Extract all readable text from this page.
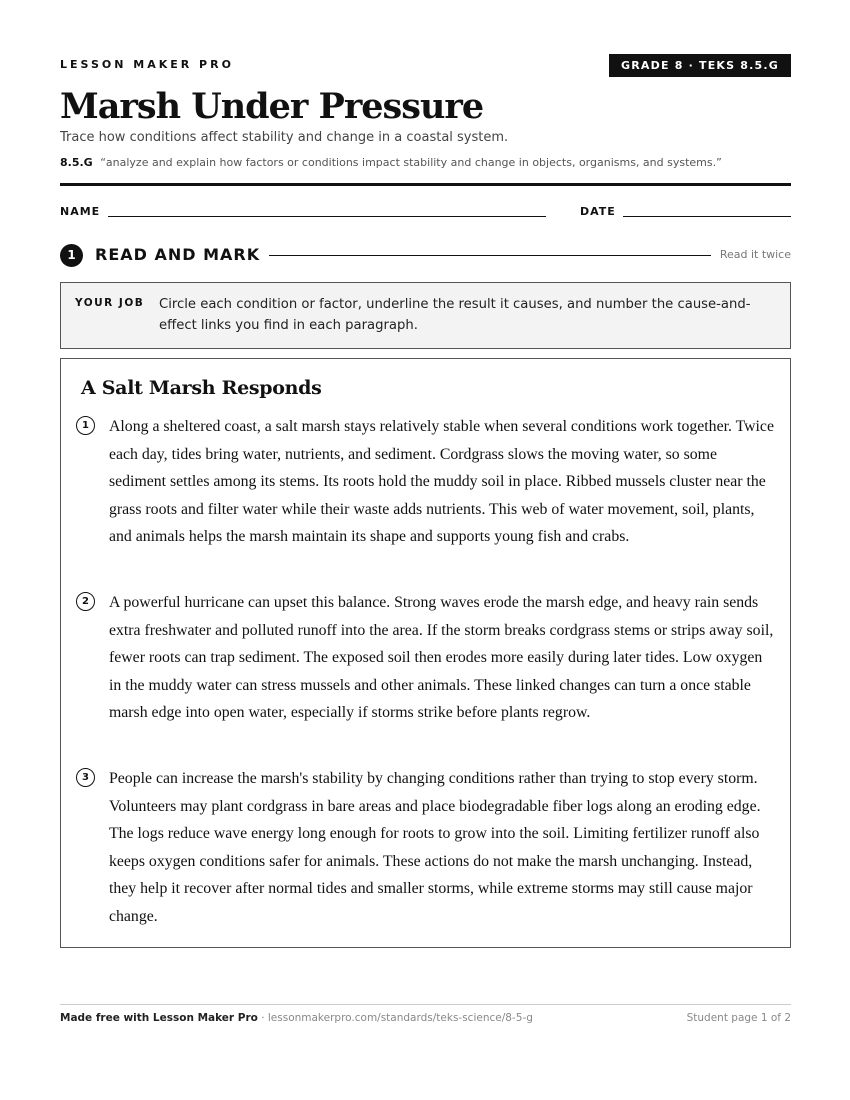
LESSON MAKER PRO	GRADE 8 · TEKS 8.5.G
Marsh Under Pressure
Trace how conditions affect stability and change in a coastal system.
8.5.G “analyze and explain how factors or conditions impact stability and change in objects, organisms, and systems.”
NAME	DATE
1	READ AND MARK	Read it twice
YOUR JOB Circle each condition or factor, underline the result it causes, and number the cause-and-effect links you find in each paragraph.
A Salt Marsh Responds
1	Along a sheltered coast, a salt marsh stays relatively stable when several conditions work together. Twice each day, tides bring water, nutrients, and sediment. Cordgrass slows the moving water, so some sediment settles among its stems. Its roots hold the muddy soil in place. Ribbed mussels cluster near the grass roots and filter water while their waste adds nutrients. This web of water movement, soil, plants, and animals helps the marsh maintain its shape and supports young fish and crabs.
2	A powerful hurricane can upset this balance. Strong waves erode the marsh edge, and heavy rain sends extra freshwater and polluted runoff into the area. If the storm breaks cordgrass stems or strips away soil, fewer roots can trap sediment. The exposed soil then erodes more easily during later tides. Low oxygen in the muddy water can stress mussels and other animals. These linked changes can turn a once stable marsh edge into open water, especially if storms strike before plants regrow.
3	People can increase the marsh's stability by changing conditions rather than trying to stop every storm. Volunteers may plant cordgrass in bare areas and place biodegradable fiber logs along an eroding edge. The logs reduce wave energy long enough for roots to grow into the soil. Limiting fertilizer runoff also keeps oxygen conditions safer for animals. These actions do not make the marsh unchanging. Instead, they help it recover after normal tides and smaller storms, while extreme storms may still cause major change.
Made free with Lesson Maker Pro · lessonmakerpro.com/standards/teks-science/8-5-g	Student page 1 of 2
